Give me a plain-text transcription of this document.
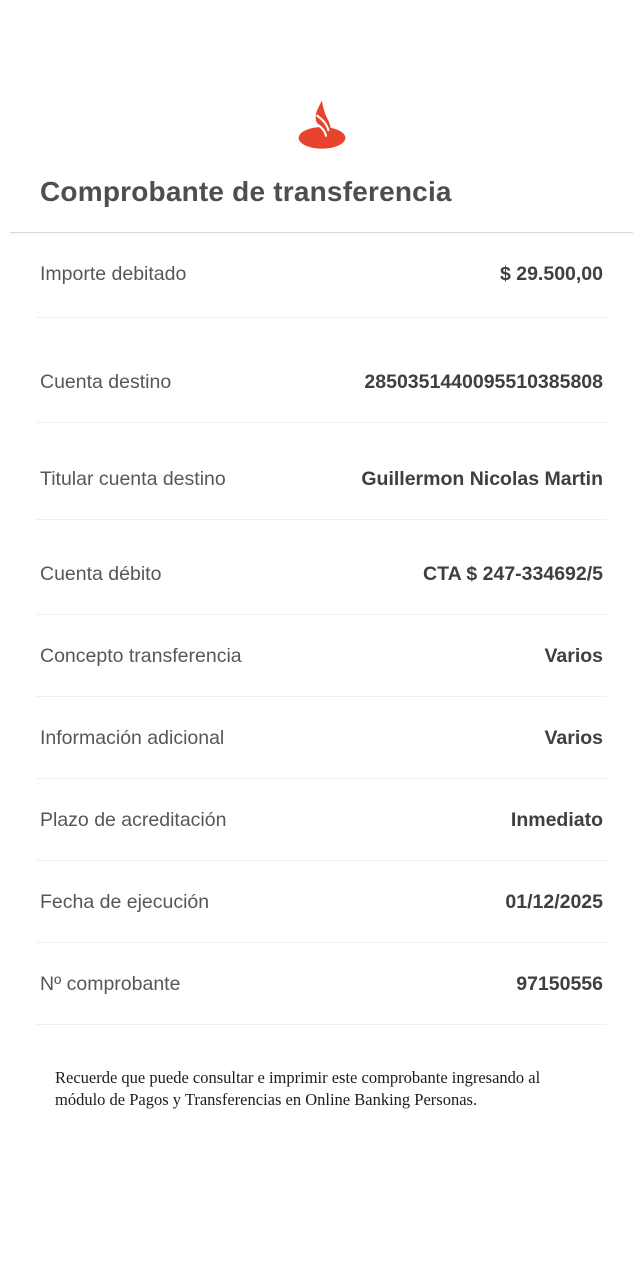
Comprobante de transferencia
Importe debitado	$ 29.500,00
Cuenta destino	2850351440095510385808
Titular cuenta destino	Guillermon Nicolas Martin
Cuenta débito	CTA $ 247-334692/5
Concepto transferencia	Varios
Información adicional	Varios
Plazo de acreditación	Inmediato
Fecha de ejecución	01/12/2025
Nº comprobante	97150556

Recuerde que puede consultar e imprimir este comprobante ingresando al módulo de Pagos y Transferencias en Online Banking Personas.
